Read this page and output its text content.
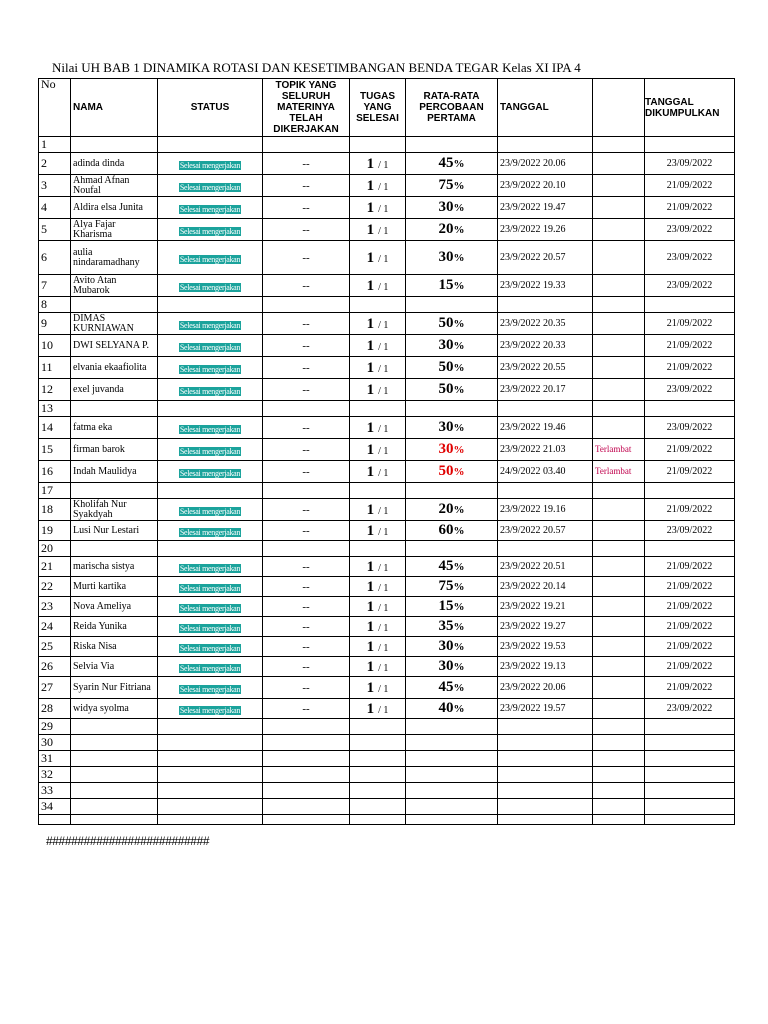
Nilai UH BAB 1 DINAMIKA ROTASI DAN KESETIMBANGAN BENDA TEGAR Kelas XI IPA 4
No	NAMA	STATUS	TOPIK YANG SELURUH MATERINYA TELAH DIKERJAKAN	TUGAS YANG SELESAI	RATA-RATA PERCOBAAN PERTAMA	TANGGAL		TANGGAL DIKUMPULKAN
1								
2	adinda dinda	Selesai mengerjakan	--	1 / 1	45%	23/9/2022 20.06		23/09/2022
3	Ahmad Afnan Noufal	Selesai mengerjakan	--	1 / 1	75%	23/9/2022 20.10		21/09/2022
4	Aldira elsa Junita	Selesai mengerjakan	--	1 / 1	30%	23/9/2022 19.47		21/09/2022
5	Alya Fajar Kharisma	Selesai mengerjakan	--	1 / 1	20%	23/9/2022 19.26		23/09/2022
6	aulia nindaramadhany	Selesai mengerjakan	--	1 / 1	30%	23/9/2022 20.57		23/09/2022
7	Avito Atan Mubarok	Selesai mengerjakan	--	1 / 1	15%	23/9/2022 19.33		23/09/2022
8								
9	DIMAS KURNIAWAN	Selesai mengerjakan	--	1 / 1	50%	23/9/2022 20.35		21/09/2022
10	DWI SELYANA P.	Selesai mengerjakan	--	1 / 1	30%	23/9/2022 20.33		21/09/2022
11	elvania ekaafiolita	Selesai mengerjakan	--	1 / 1	50%	23/9/2022 20.55		21/09/2022
12	exel juvanda	Selesai mengerjakan	--	1 / 1	50%	23/9/2022 20.17		23/09/2022
13								
14	fatma eka	Selesai mengerjakan	--	1 / 1	30%	23/9/2022 19.46		23/09/2022
15	firman barok	Selesai mengerjakan	--	1 / 1	30%	23/9/2022 21.03	Terlambat	21/09/2022
16	Indah Maulidya	Selesai mengerjakan	--	1 / 1	50%	24/9/2022 03.40	Terlambat	21/09/2022
17								
18	Kholifah Nur Syakdyah	Selesai mengerjakan	--	1 / 1	20%	23/9/2022 19.16		21/09/2022
19	Lusi Nur Lestari	Selesai mengerjakan	--	1 / 1	60%	23/9/2022 20.57		23/09/2022
20								
21	marischa sistya	Selesai mengerjakan	--	1 / 1	45%	23/9/2022 20.51		21/09/2022
22	Murti kartika	Selesai mengerjakan	--	1 / 1	75%	23/9/2022 20.14		21/09/2022
23	Nova Ameliya	Selesai mengerjakan	--	1 / 1	15%	23/9/2022 19.21		21/09/2022
24	Reida Yunika	Selesai mengerjakan	--	1 / 1	35%	23/9/2022 19.27		21/09/2022
25	Riska Nisa	Selesai mengerjakan	--	1 / 1	30%	23/9/2022 19.53		21/09/2022
26	Selvia Via	Selesai mengerjakan	--	1 / 1	30%	23/9/2022 19.13		21/09/2022
27	Syarin Nur Fitriana	Selesai mengerjakan	--	1 / 1	45%	23/9/2022 20.06		21/09/2022
28	widya syolma	Selesai mengerjakan	--	1 / 1	40%	23/9/2022 19.57		23/09/2022
29								
30								
31								
32								
33								
34								

##########################
